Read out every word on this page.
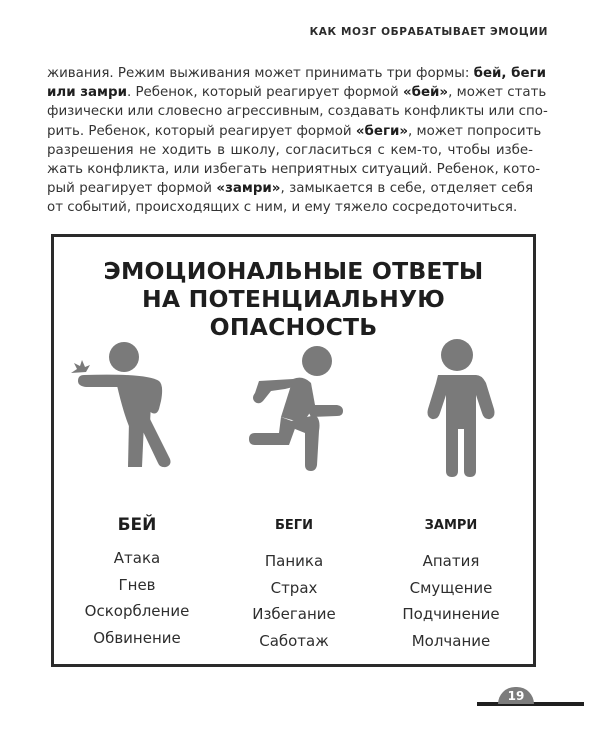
КАК МОЗГ ОБРАБАТЫВАЕТ ЭМОЦИИ
живания. Режим выживания может принимать три формы: бей, беги
или замри. Ребенок, который реагирует формой «бей», может стать
физически или словесно агрессивным, создавать конфликты или спо-
рить. Ребенок, который реагирует формой «беги», может попросить
разрешения не ходить в школу, согласиться с кем-то, чтобы избе-
жать конфликта, или избегать неприятных ситуаций. Ребенок, кото-
рый реагирует формой «замри», замыкается в себе, отделяет себя
от событий, происходящих с ним, и ему тяжело сосредоточиться.
ЭМОЦИОНАЛЬНЫЕ ОТВЕТЫ
НА ПОТЕНЦИАЛЬНУЮ ОПАСНОСТЬ
БЕЙ
Атака
Гнев
Оскорбление
Обвинение
БЕГИ
Паника
Страх
Избегание
Саботаж
ЗАМРИ
Апатия
Смущение
Подчинение
Молчание
19
